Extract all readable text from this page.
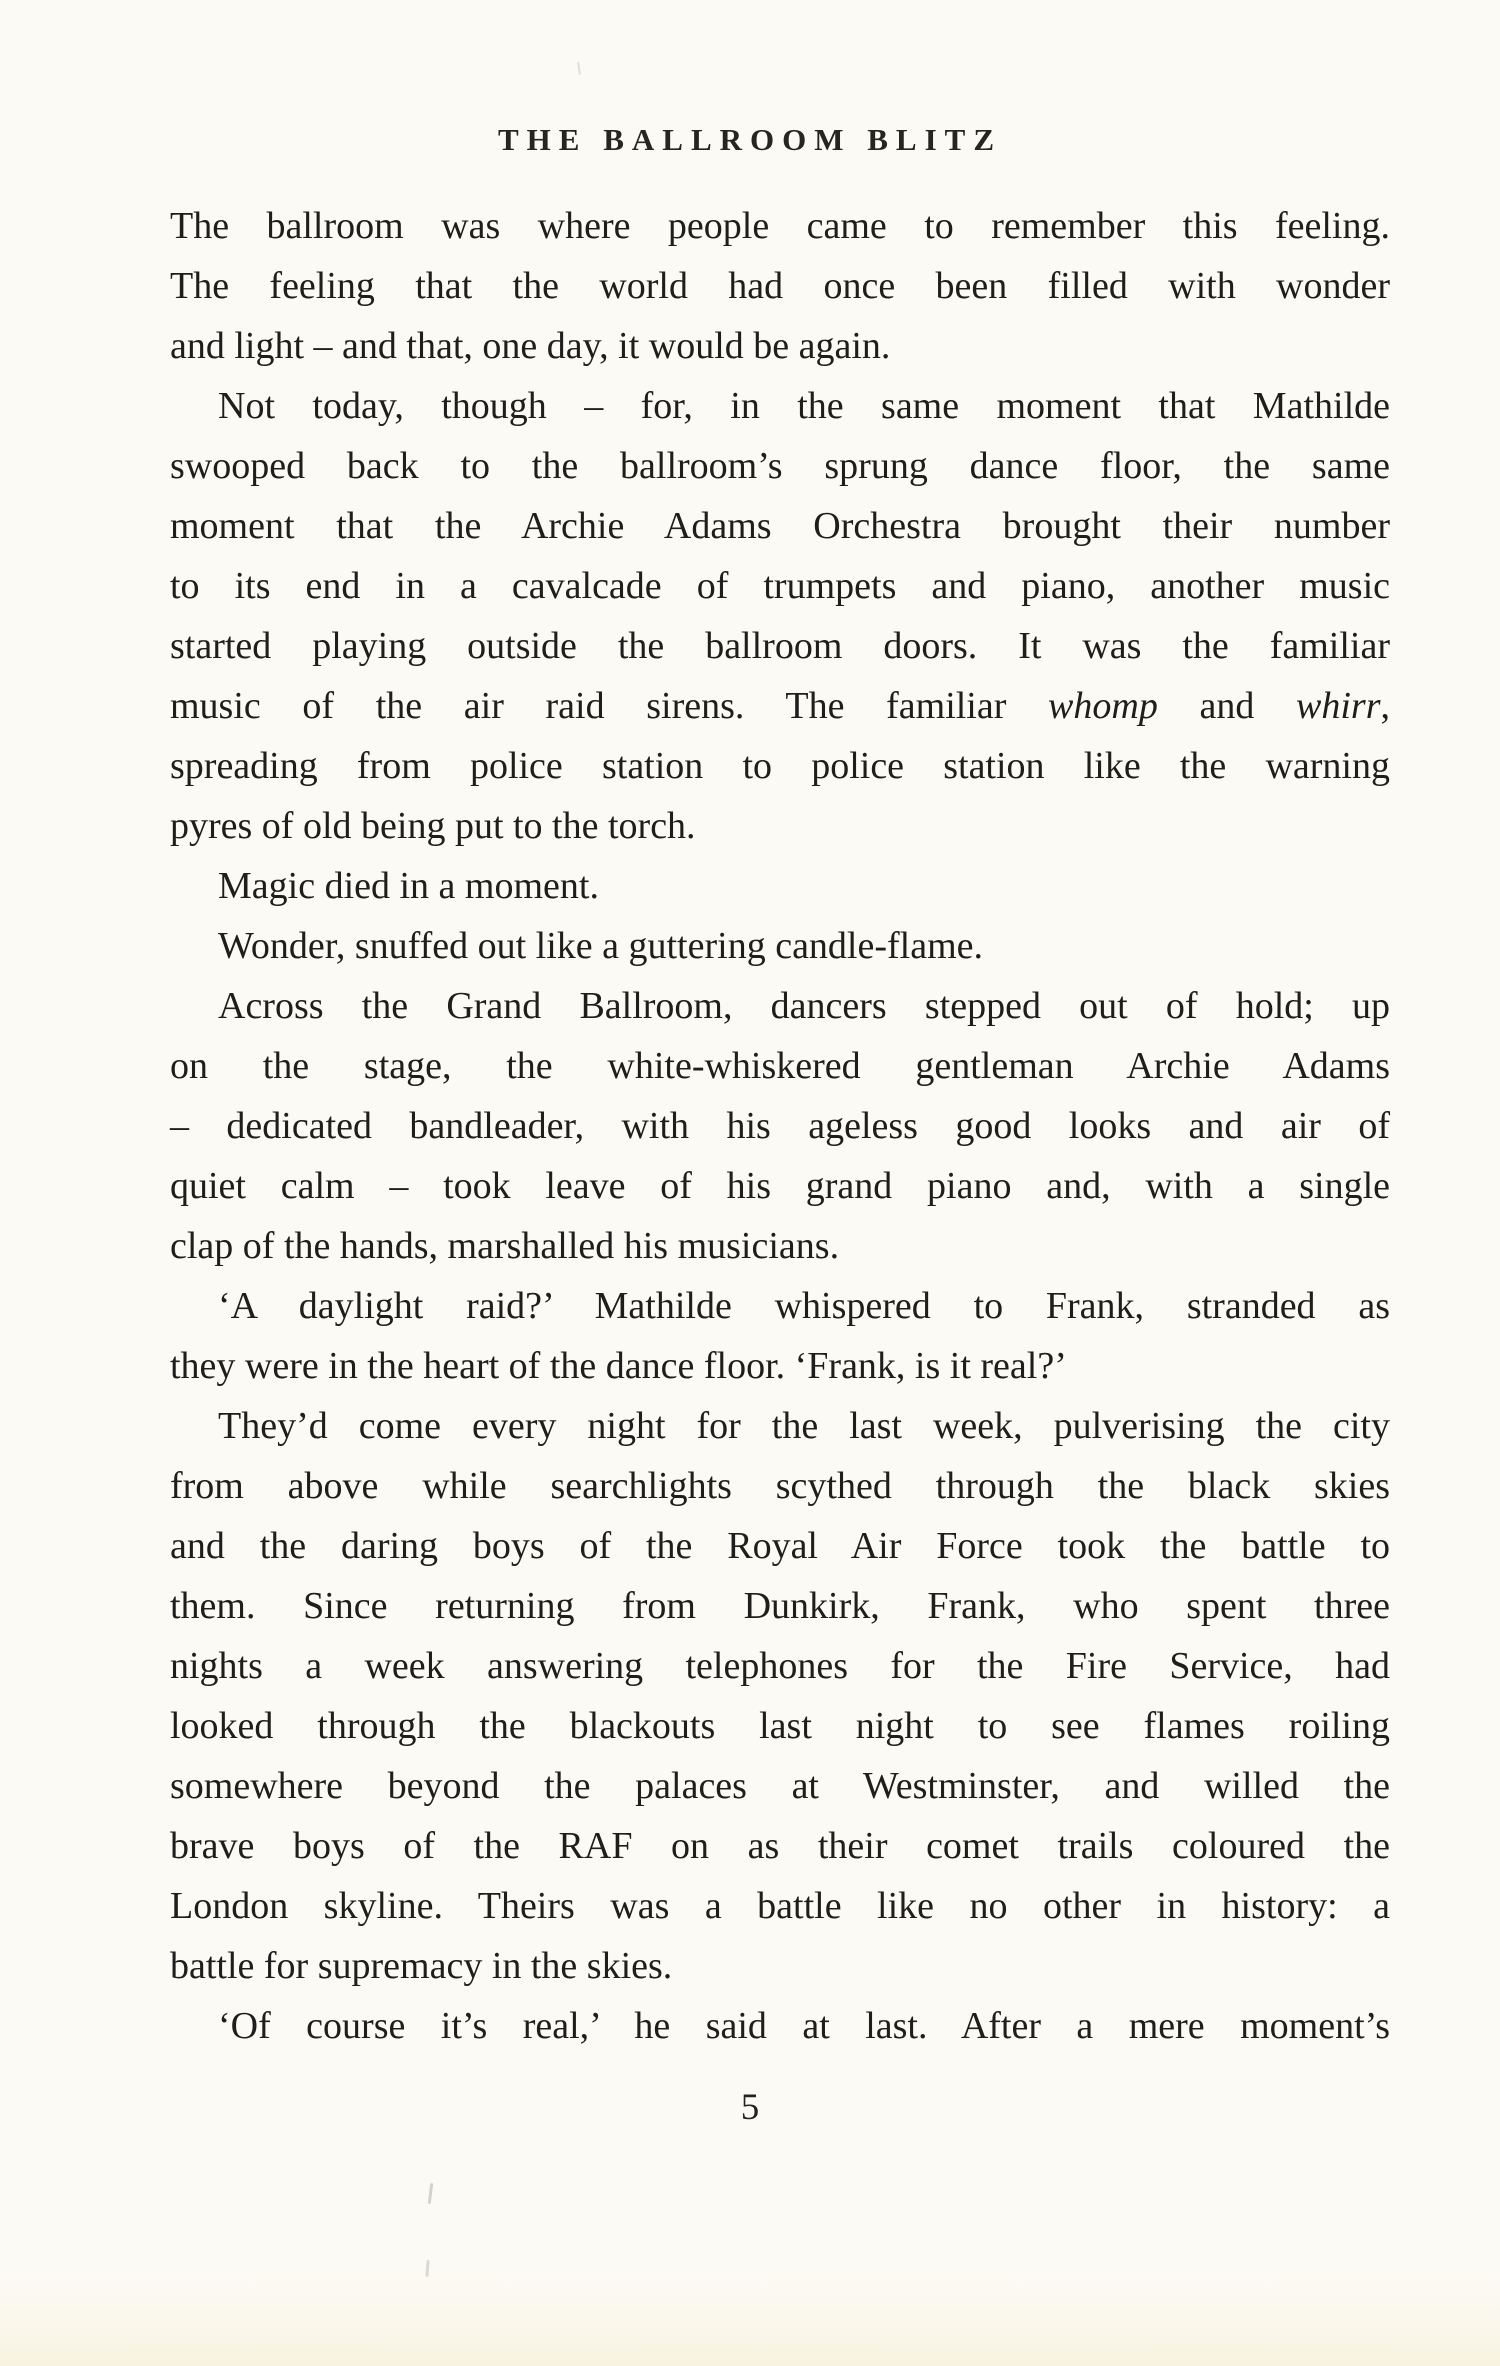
THE BALLROOM BLITZ
The ballroom was where people came to remember this feeling.
The feeling that the world had once been filled with wonder
and light – and that, one day, it would be again.
Not today, though – for, in the same moment that Mathilde
swooped back to the ballroom’s sprung dance floor, the same
moment that the Archie Adams Orchestra brought their number
to its end in a cavalcade of trumpets and piano, another music
started playing outside the ballroom doors. It was the familiar
music of the air raid sirens. The familiar whomp and whirr,
spreading from police station to police station like the warning
pyres of old being put to the torch.
Magic died in a moment.
Wonder, snuffed out like a guttering candle-flame.
Across the Grand Ballroom, dancers stepped out of hold; up
on the stage, the white-whiskered gentleman Archie Adams
– dedicated bandleader, with his ageless good looks and air of
quiet calm – took leave of his grand piano and, with a single
clap of the hands, marshalled his musicians.
‘A daylight raid?’ Mathilde whispered to Frank, stranded as
they were in the heart of the dance floor. ‘Frank, is it real?’
They’d come every night for the last week, pulverising the city
from above while searchlights scythed through the black skies
and the daring boys of the Royal Air Force took the battle to
them. Since returning from Dunkirk, Frank, who spent three
nights a week answering telephones for the Fire Service, had
looked through the blackouts last night to see flames roiling
somewhere beyond the palaces at Westminster, and willed the
brave boys of the RAF on as their comet trails coloured the
London skyline. Theirs was a battle like no other in history: a
battle for supremacy in the skies.
‘Of course it’s real,’ he said at last. After a mere moment’s
5
